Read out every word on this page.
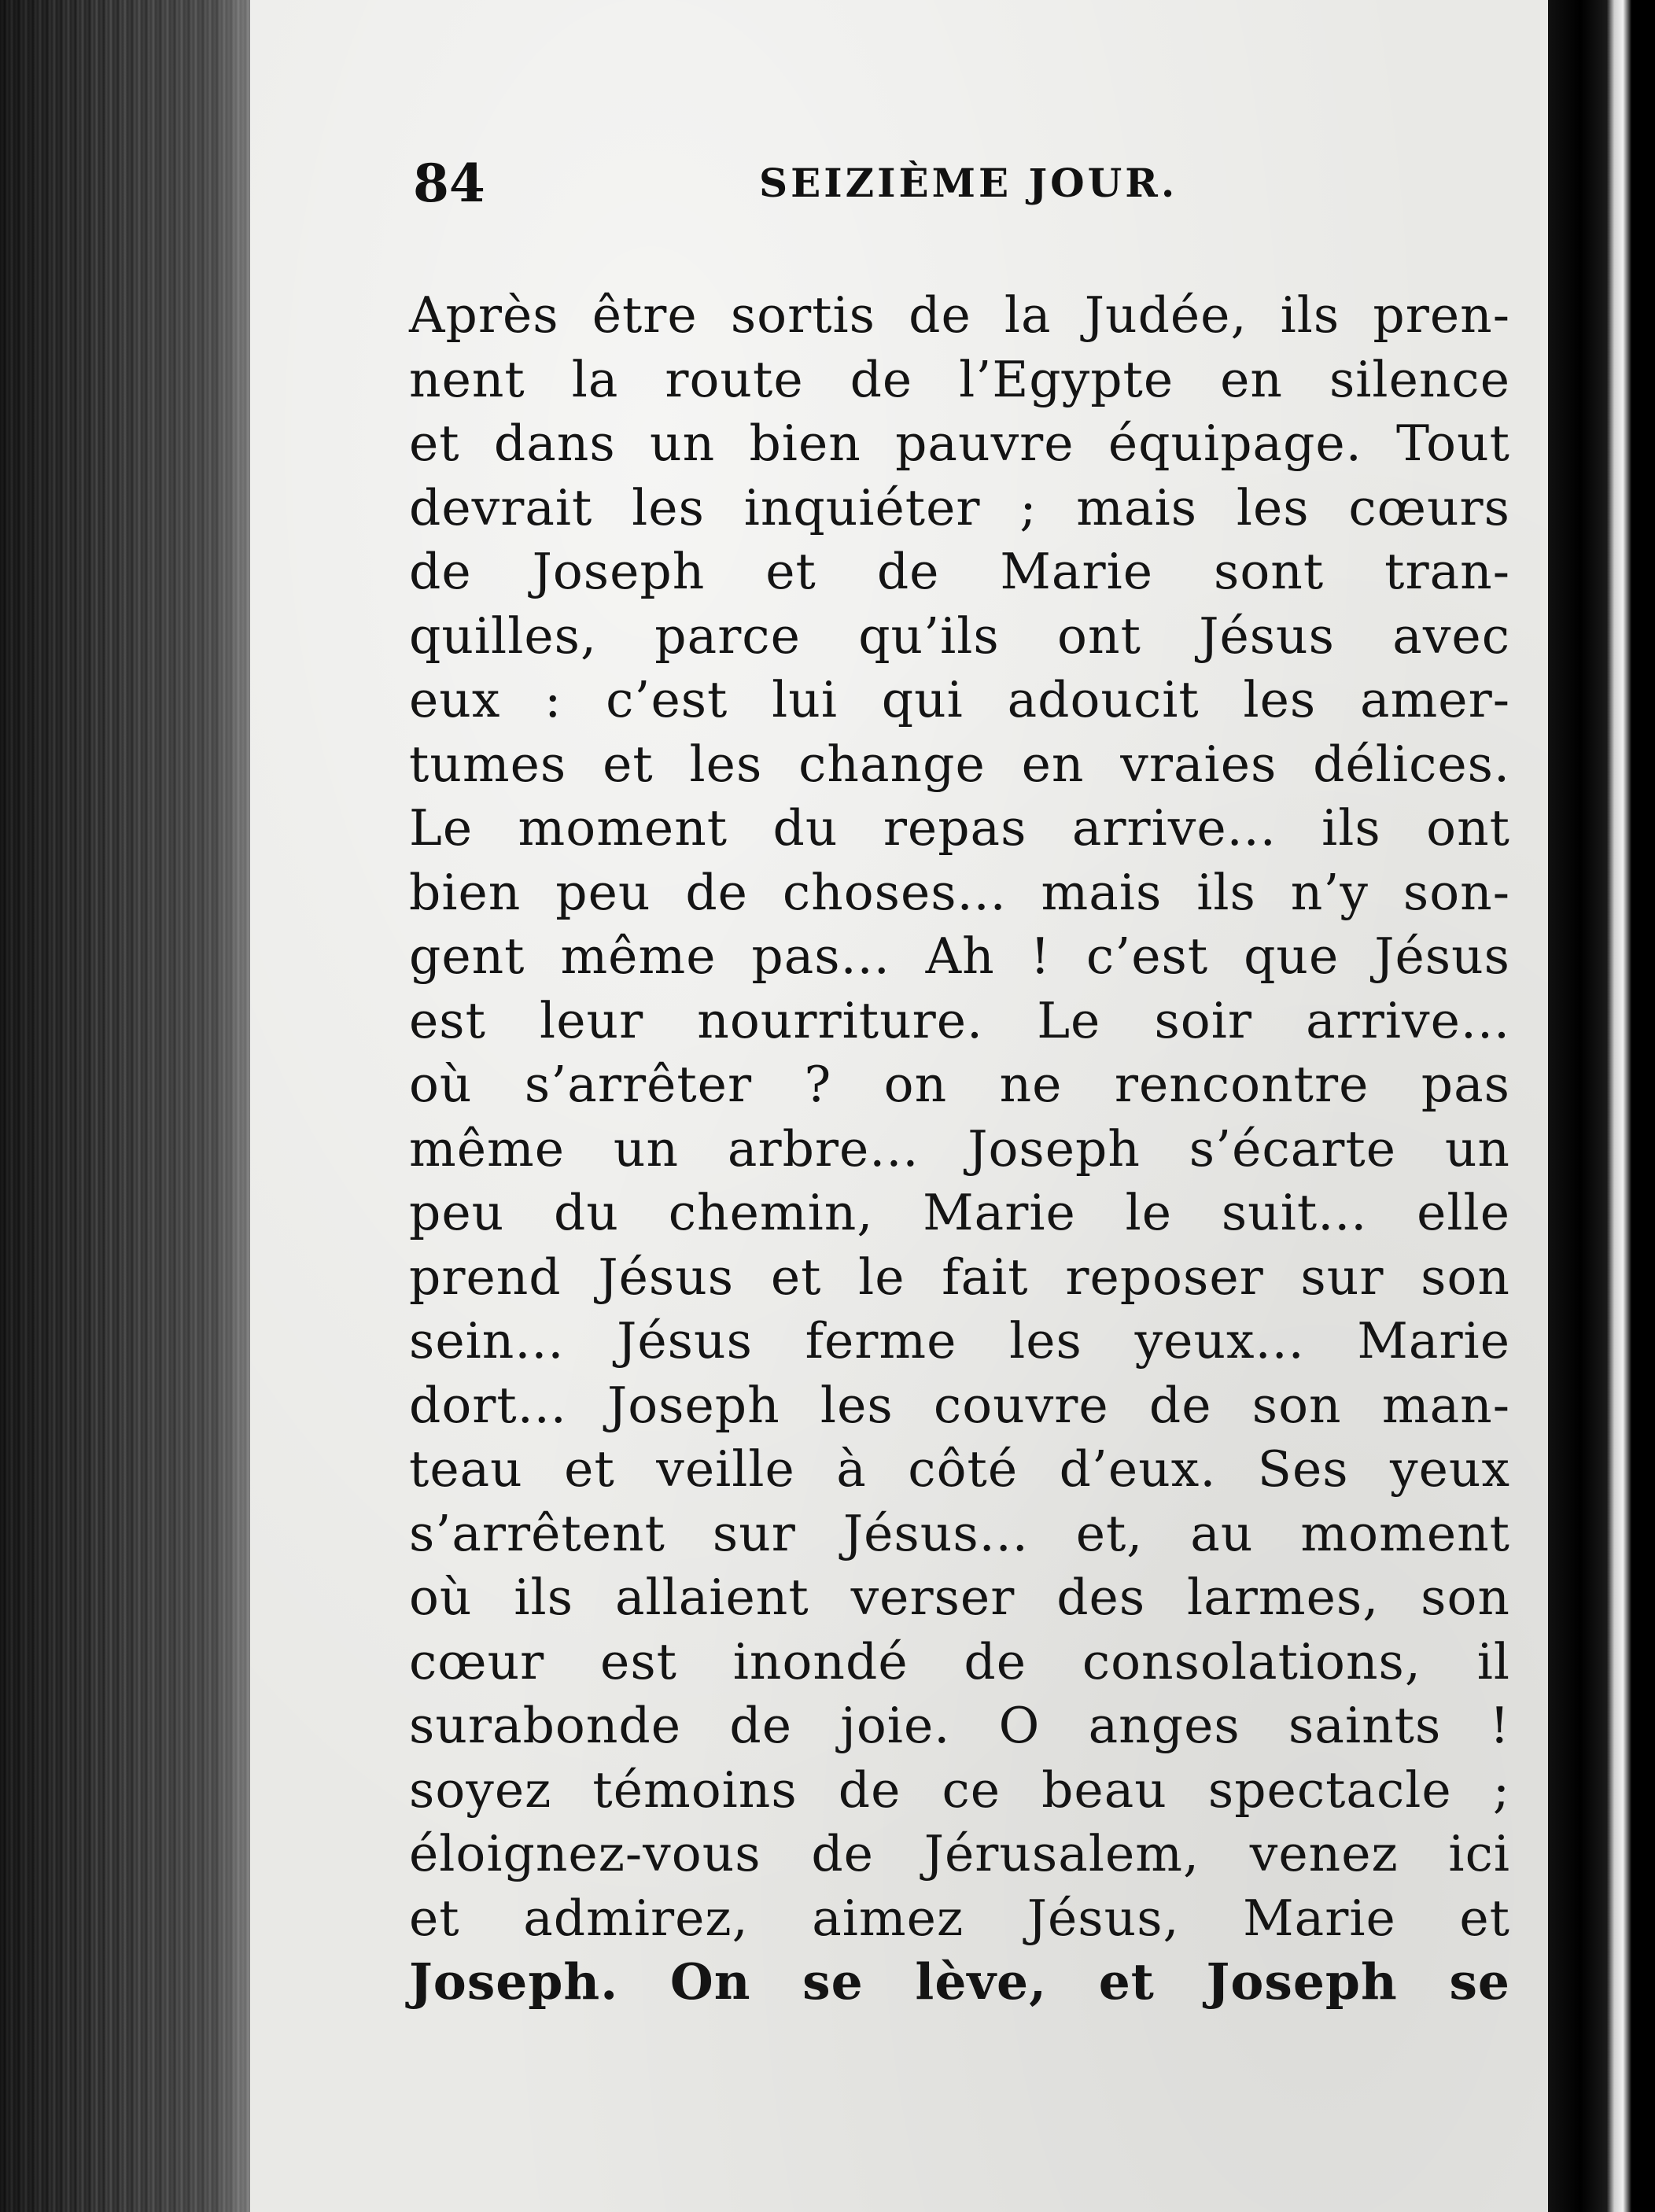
84	SEIZIÈME JOUR.
Après être sortis de la Judée, ils pren-
nent la route de l’Egypte en silence
et dans un bien pauvre équipage. Tout
devrait les inquiéter ; mais les cœurs
de Joseph et de Marie sont tran-
quilles, parce qu’ils ont Jésus avec
eux : c’est lui qui adoucit les amer-
tumes et les change en vraies délices.
Le moment du repas arrive... ils ont
bien peu de choses... mais ils n’y son-
gent même pas... Ah ! c’est que Jésus
est leur nourriture. Le soir arrive...
où s’arrêter ? on ne rencontre pas
même un arbre... Joseph s’écarte un
peu du chemin, Marie le suit... elle
prend Jésus et le fait reposer sur son
sein... Jésus ferme les yeux... Marie
dort... Joseph les couvre de son man-
teau et veille à côté d’eux. Ses yeux
s’arrêtent sur Jésus... et, au moment
où ils allaient verser des larmes, son
cœur est inondé de consolations, il
surabonde de joie. O anges saints !
soyez témoins de ce beau spectacle ;
éloignez-vous de Jérusalem, venez ici
et admirez, aimez Jésus, Marie et
Joseph. On se lève, et Joseph se
